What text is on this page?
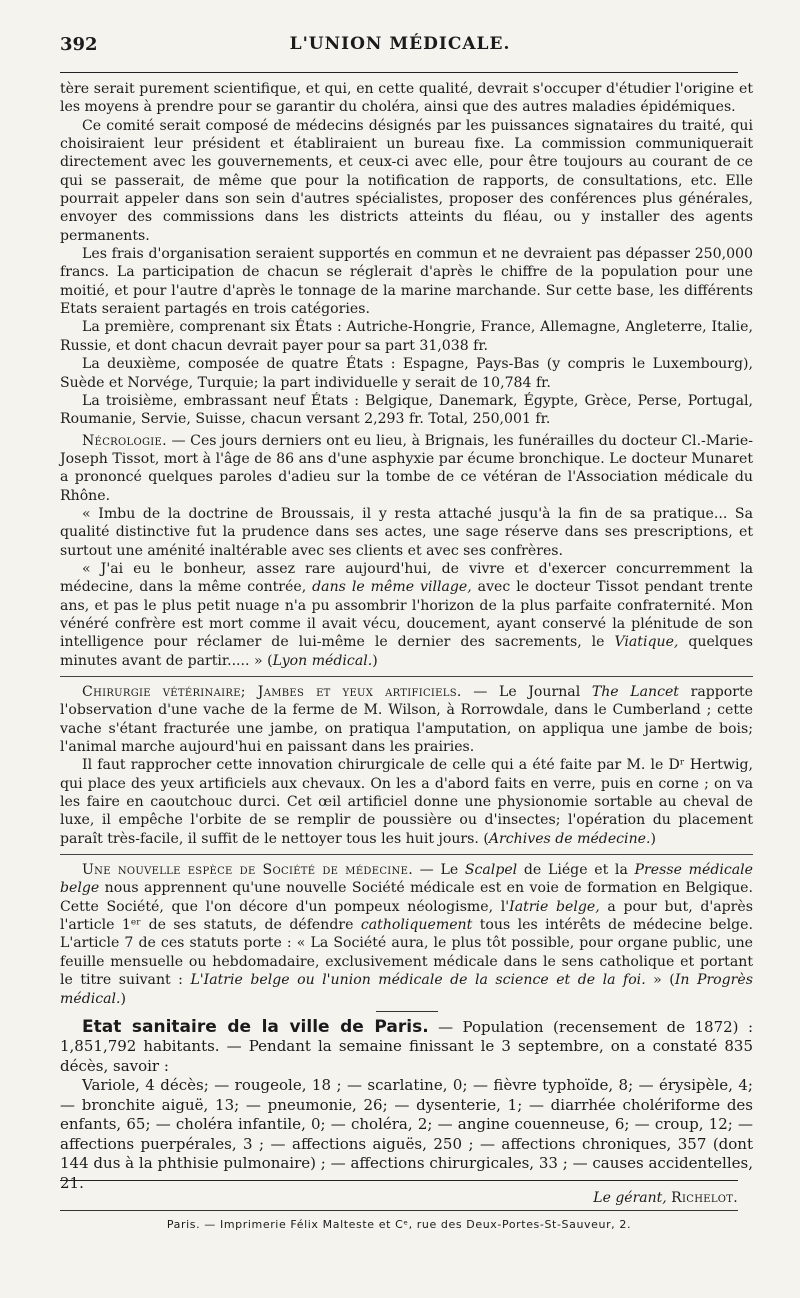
392	L'UNION MÉDICALE.

tère serait purement scientifique, et qui, en cette qualité, devrait s'occuper d'étudier l'origine et les moyens à prendre pour se garantir du choléra, ainsi que des autres maladies épidémiques.

Ce comité serait composé de médecins désignés par les puissances signataires du traité, qui choisiraient leur président et établiraient un bureau fixe. La commission communiquerait directement avec les gouvernements, et ceux-ci avec elle, pour être toujours au courant de ce qui se passerait, de même que pour la notification de rapports, de consultations, etc. Elle pourrait appeler dans son sein d'autres spécialistes, proposer des conférences plus générales, envoyer des commissions dans les districts atteints du fléau, ou y installer des agents permanents.

Les frais d'organisation seraient supportés en commun et ne devraient pas dépasser 250,000 francs. La participation de chacun se réglerait d'après le chiffre de la population pour une moitié, et pour l'autre d'après le tonnage de la marine marchande. Sur cette base, les différents Etats seraient partagés en trois catégories.

La première, comprenant six États : Autriche-Hongrie, France, Allemagne, Angleterre, Italie, Russie, et dont chacun devrait payer pour sa part 31,038 fr.

La deuxième, composée de quatre États : Espagne, Pays-Bas (y compris le Luxembourg), Suède et Norvége, Turquie; la part individuelle y serait de 10,784 fr.

La troisième, embrassant neuf États : Belgique, Danemark, Égypte, Grèce, Perse, Portugal, Roumanie, Servie, Suisse, chacun versant 2,293 fr. Total, 250,001 fr.

Nécrologie. — Ces jours derniers ont eu lieu, à Brignais, les funérailles du docteur Cl.-Marie-Joseph Tissot, mort à l'âge de 86 ans d'une asphyxie par écume bronchique. Le docteur Munaret a prononcé quelques paroles d'adieu sur la tombe de ce vétéran de l'Association médicale du Rhône.

« Imbu de la doctrine de Broussais, il y resta attaché jusqu'à la fin de sa pratique... Sa qualité distinctive fut la prudence dans ses actes, une sage réserve dans ses prescriptions, et surtout une aménité inaltérable avec ses clients et avec ses confrères.

« J'ai eu le bonheur, assez rare aujourd'hui, de vivre et d'exercer concurremment la médecine, dans la même contrée, dans le même village, avec le docteur Tissot pendant trente ans, et pas le plus petit nuage n'a pu assombrir l'horizon de la plus parfaite confraternité. Mon vénéré confrère est mort comme il avait vécu, doucement, ayant conservé la plénitude de son intelligence pour réclamer de lui-même le dernier des sacrements, le Viatique, quelques minutes avant de partir..... » (Lyon médical.)

Chirurgie vétérinaire; Jambes et yeux artificiels. — Le Journal The Lancet rapporte l'observation d'une vache de la ferme de M. Wilson, à Rorrowdale, dans le Cumberland ; cette vache s'étant fracturée une jambe, on pratiqua l'amputation, on appliqua une jambe de bois; l'animal marche aujourd'hui en paissant dans les prairies.

Il faut rapprocher cette innovation chirurgicale de celle qui a été faite par M. le Dʳ Hertwig, qui place des yeux artificiels aux chevaux. On les a d'abord faits en verre, puis en corne ; on va les faire en caoutchouc durci. Cet œil artificiel donne une physionomie sortable au cheval de luxe, il empêche l'orbite de se remplir de poussière ou d'insectes; l'opération du placement paraît très-facile, il suffit de le nettoyer tous les huit jours. (Archives de médecine.)

Une nouvelle espèce de Société de médecine. — Le Scalpel de Liége et la Presse médicale belge nous apprennent qu'une nouvelle Société médicale est en voie de formation en Belgique. Cette Société, que l'on décore d'un pompeux néologisme, l'Iatrie belge, a pour but, d'après l'article 1ᵉʳ de ses statuts, de défendre catholiquement tous les intérêts de médecine belge. L'article 7 de ces statuts porte : « La Société aura, le plus tôt possible, pour organe public, une feuille mensuelle ou hebdomadaire, exclusivement médicale dans le sens catholique et portant le titre suivant : L'Iatrie belge ou l'union médicale de la science et de la foi. » (In Progrès médical.)

Etat sanitaire de la ville de Paris. — Population (recensement de 1872) : 1,851,792 habitants. — Pendant la semaine finissant le 3 septembre, on a constaté 835 décès, savoir :

Variole, 4 décès; — rougeole, 18 ; — scarlatine, 0; — fièvre typhoïde, 8; — érysipèle, 4; — bronchite aiguë, 13; — pneumonie, 26; — dysenterie, 1; — diarrhée cholériforme des enfants, 65; — choléra infantile, 0; — choléra, 2; — angine couenneuse, 6; — croup, 12; — affections puerpérales, 3 ; — affections aiguës, 250 ; — affections chroniques, 357 (dont 144 dus à la phthisie pulmonaire) ; — affections chirurgicales, 33 ; — causes accidentelles, 21.

Le gérant, Richelot.
Paris. — Imprimerie Félix Malteste et Cᵉ, rue des Deux-Portes-St-Sauveur, 2.
